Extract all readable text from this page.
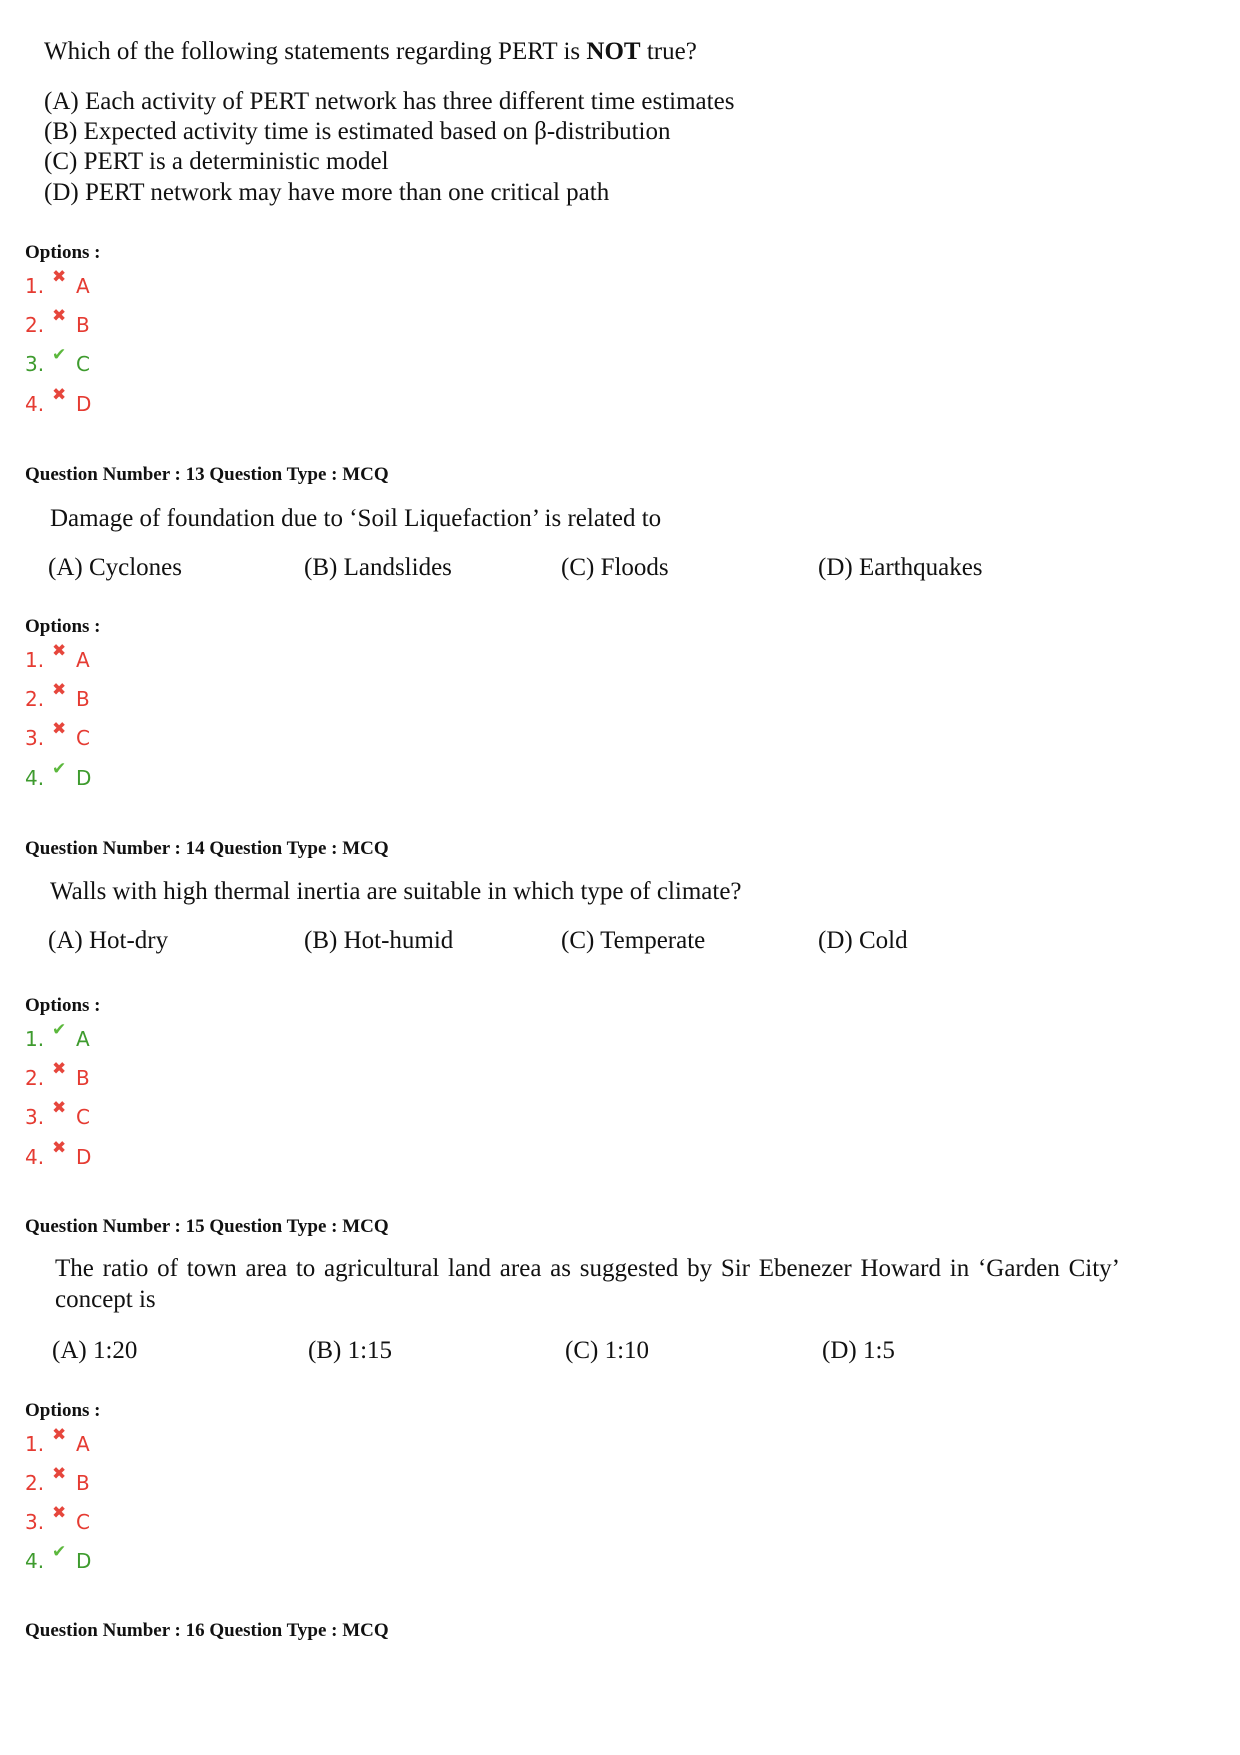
Which of the following statements regarding PERT is NOT true?
(A) Each activity of PERT network has three different time estimates
(B) Expected activity time is estimated based on β-distribution
(C) PERT is a deterministic model
(D) PERT network may have more than one critical path
Options :
1. ✖ A
2. ✖ B
3. ✔ C
4. ✖ D
Question Number : 13 Question Type : MCQ
Damage of foundation due to ‘Soil Liquefaction’ is related to
(A) Cyclones	(B) Landslides	(C) Floods	(D) Earthquakes
Options :
1. ✖ A
2. ✖ B
3. ✖ C
4. ✔ D
Question Number : 14 Question Type : MCQ
Walls with high thermal inertia are suitable in which type of climate?
(A) Hot-dry	(B) Hot-humid	(C) Temperate	(D) Cold
Options :
1. ✔ A
2. ✖ B
3. ✖ C
4. ✖ D
Question Number : 15 Question Type : MCQ
The ratio of town area to agricultural land area as suggested by Sir Ebenezer Howard in ‘Garden City’ concept is
(A) 1:20	(B) 1:15	(C) 1:10	(D) 1:5
Options :
1. ✖ A
2. ✖ B
3. ✖ C
4. ✔ D
Question Number : 16 Question Type : MCQ
